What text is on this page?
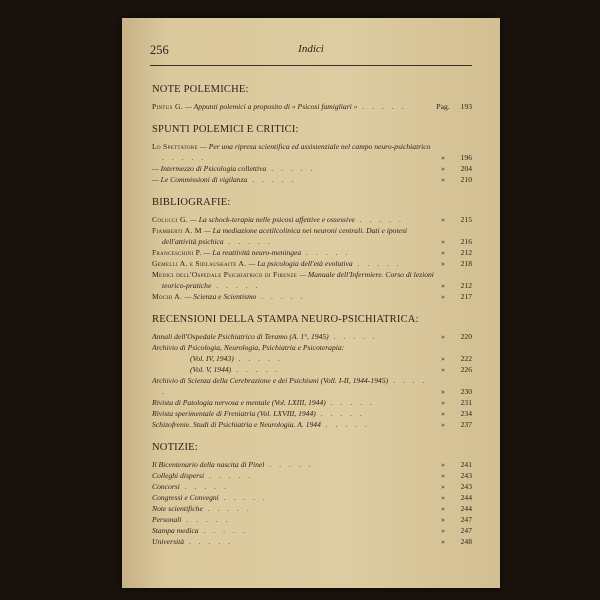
256	Indici
NOTE POLEMICHE:
Pintus G. — Appunti polemici a proposito di « Psicosi famigliari » . . . . .	Pag.	193
SPUNTI POLEMICI E CRITICI:
Lo Spettatore — Per una ripresa scientifica ed assistenziale nel campo neuro-psichiatrico . . . . .	»	196
— Intermezzo di Psicologia collettiva . . . . .	»	204
— Le Commissioni di vigilanza . . . . .	»	210
BIBLIOGRAFIE:
Colucci G. — La schock-terapia nelle psicosi affettive e ossessive . . . . .	»	215
Fiamberti A. M — La mediazione acetilcolinica nei neuroni centrali. Dati e ipotesi dell'attività psichica . . . . .	»	216
Franceschini P. — La reattività neuro-meningea . . . . .	»	212
Gemelli A. e Sidlauskaite A. — La psicologia dell'età evolutiva . . . . .	»	218
Medici dell'Ospedale Psichiatrico di Firenze — Manuale dell'Infermiere. Corso di lezioni teorico-pratiche . . . . .	»	212
Mochi A. — Scienza e Scientismo . . . . .	»	217
RECENSIONI DELLA STAMPA NEURO-PSICHIATRICA:
Annali dell'Ospedale Psichiatrico di Teramo (A. 1°, 1945) . . . . .	»	220
Archivio di Psicologia, Neurologia, Psichiatria e Psicoterapia:
(Vol. IV, 1943) . . . . .	»	222
(Vol. V, 1944) . . . . .	»	226
Archivio di Scienza della Cerebrazione e dei Psichismi (Voll. I-II, 1944-1945) . . . . .	»	230
Rivista di Patologia nervosa e mentale (Vol. LXIII, 1944) . . . . .	»	231
Rivista sperimentale di Freniatria (Vol. LXVIII, 1944) . . . . .	»	234
Schizofrenie. Studi di Psichiatria e Neurologia. A. 1944 . . . . .	»	237
NOTIZIE:
Il Bicentenario della nascita di Pinel . . . . .	»	241
Colleghi dispersi . . . . .	»	243
Concorsi . . . . .	»	243
Congressi e Convegni . . . . .	»	244
Note scientifiche . . . . .	»	244
Personali . . . . .	»	247
Stampa medica . . . . .	»	247
Università . . . . .	»	248
